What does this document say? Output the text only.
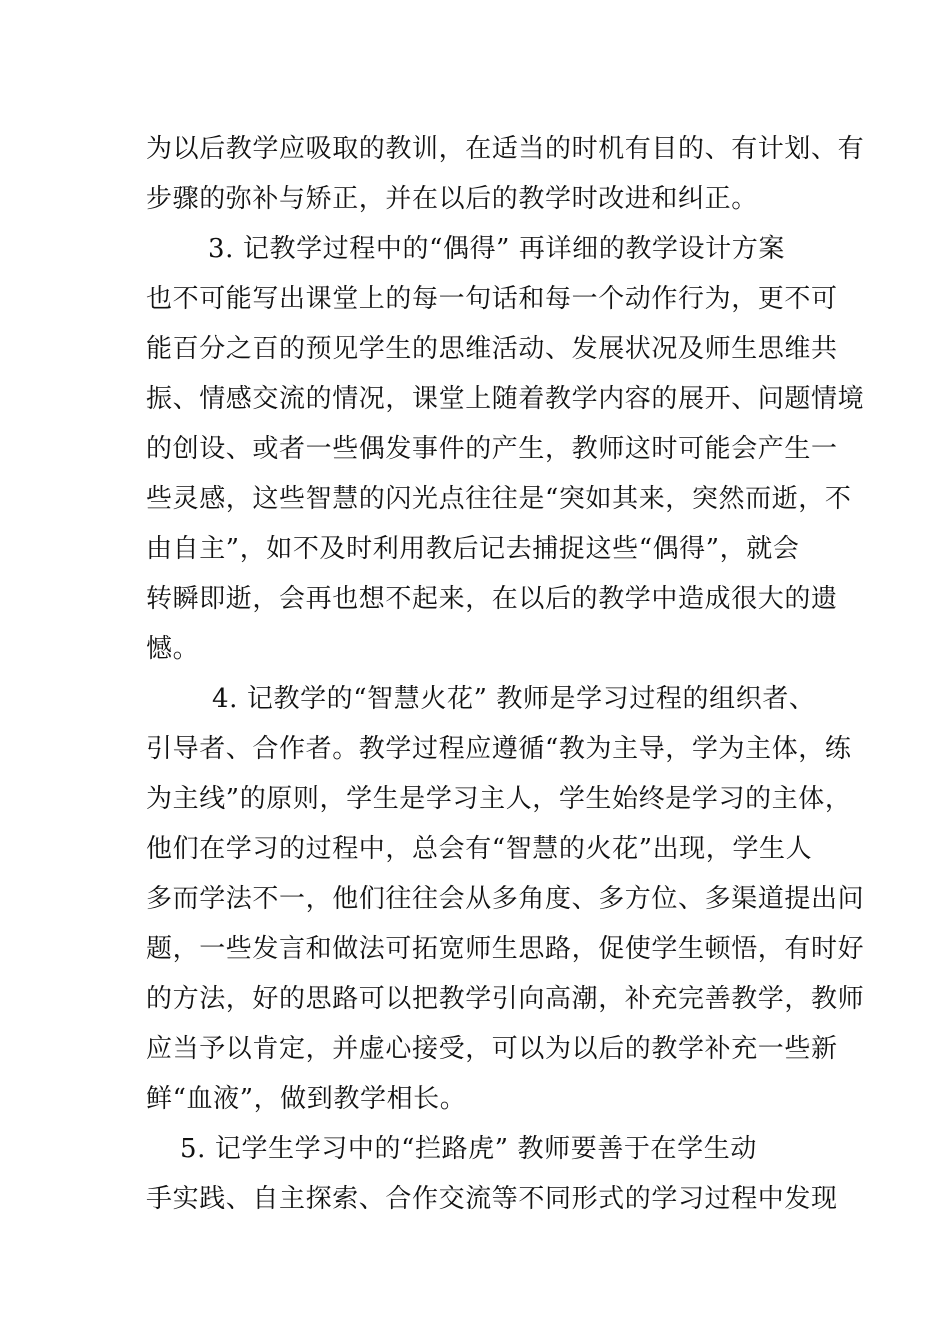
为以后教学应吸取的教训，在适当的时机有目的、有计划、有
步骤的弥补与矫正，并在以后的教学时改进和纠正。
3. 记教学过程中的“偶得” 再详细的教学设计方案
也不可能写出课堂上的每一句话和每一个动作行为，更不可
能百分之百的预见学生的思维活动、发展状况及师生思维共
振、情感交流的情况，课堂上随着教学内容的展开、问题情境
的创设、或者一些偶发事件的产生，教师这时可能会产生一
些灵感，这些智慧的闪光点往往是“突如其来，突然而逝，不
由自主”，如不及时利用教后记去捕捉这些“偶得”，就会
转瞬即逝，会再也想不起来，在以后的教学中造成很大的遗
憾。
4. 记教学的“智慧火花” 教师是学习过程的组织者、
引导者、合作者。教学过程应遵循“教为主导，学为主体，练
为主线”的原则，学生是学习主人，学生始终是学习的主体，
他们在学习的过程中，总会有“智慧的火花”出现，学生人
多而学法不一，他们往往会从多角度、多方位、多渠道提出问
题，一些发言和做法可拓宽师生思路，促使学生顿悟，有时好
的方法，好的思路可以把教学引向高潮，补充完善教学，教师
应当予以肯定，并虚心接受，可以为以后的教学补充一些新
鲜“血液”，做到教学相长。
5. 记学生学习中的“拦路虎” 教师要善于在学生动
手实践、自主探索、合作交流等不同形式的学习过程中发现
